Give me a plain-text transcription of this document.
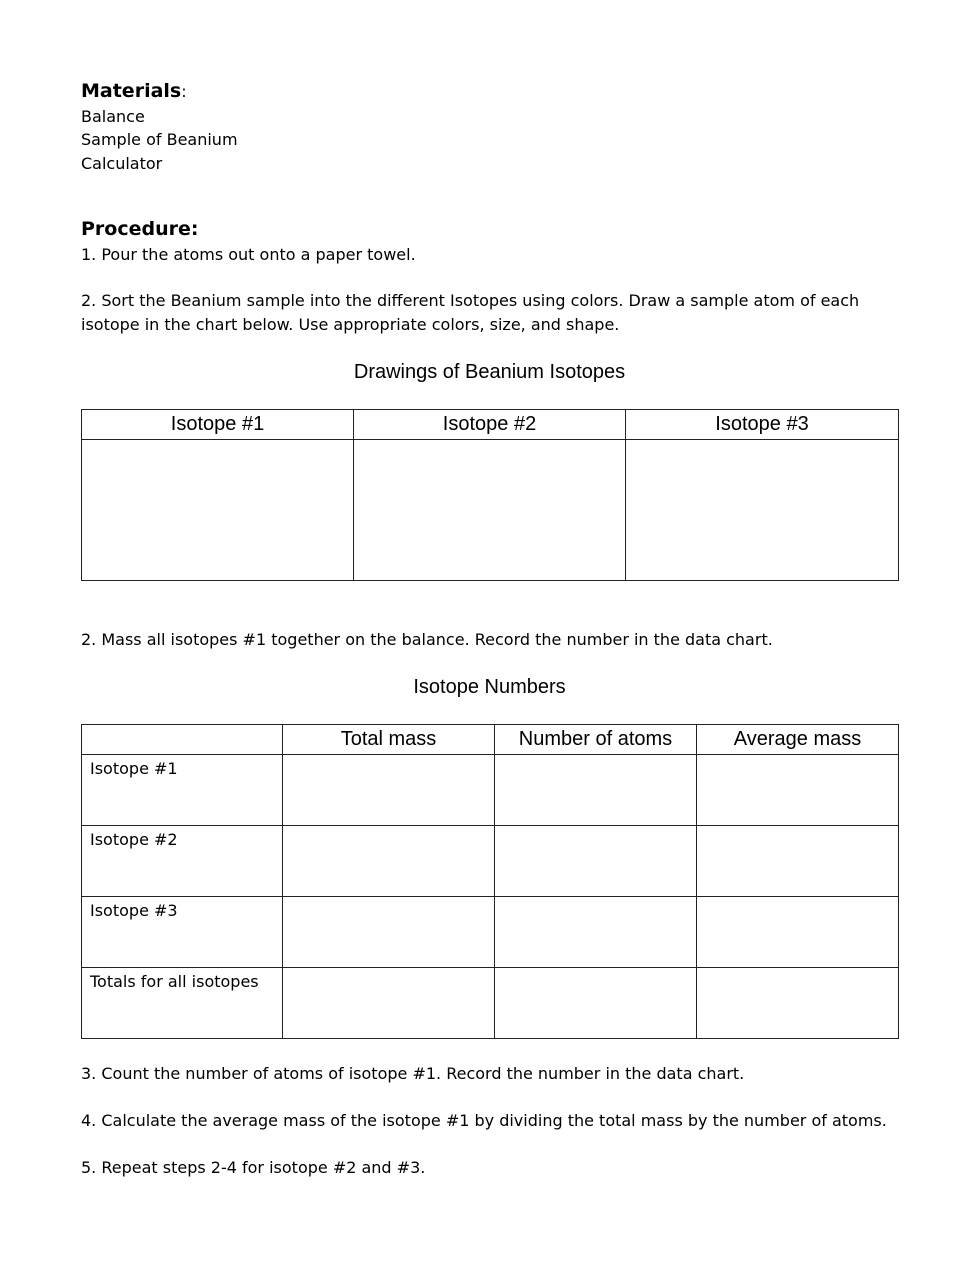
Materials:
Balance
Sample of Beanium
Calculator
Procedure:
1. Pour the atoms out onto a paper towel.
2. Sort the Beanium sample into the different Isotopes using colors. Draw a sample atom of each isotope in the chart below. Use appropriate colors, size, and shape.
Drawings of Beanium Isotopes
Isotope #1	Isotope #2	Isotope #3

2. Mass all isotopes #1 together on the balance. Record the number in the data chart.
Isotope Numbers
	Total mass	Number of atoms	Average mass
Isotope #1			
Isotope #2			
Isotope #3			
Totals for all isotopes			
3. Count the number of atoms of isotope #1. Record the number in the data chart.
4. Calculate the average mass of the isotope #1 by dividing the total mass by the number of atoms.
5. Repeat steps 2-4 for isotope #2 and #3.
